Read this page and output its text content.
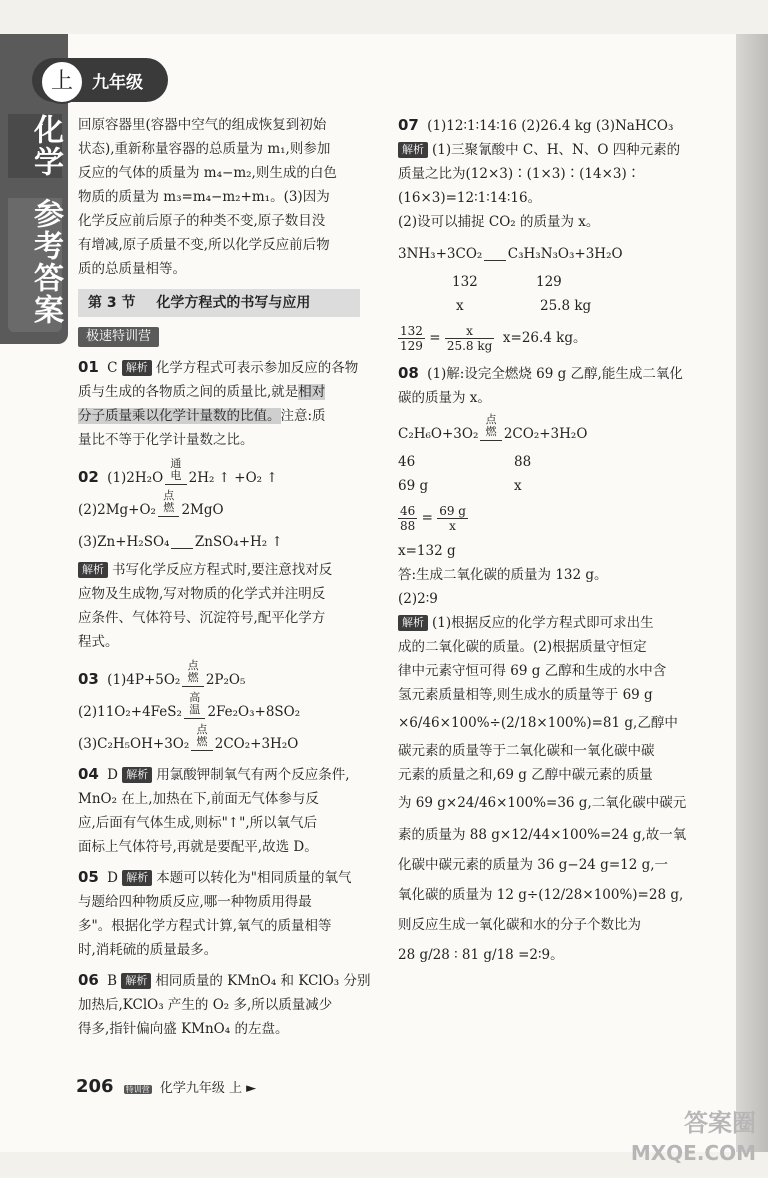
化学
参考答案
上	九年级

回原容器里(容器中空气的组成恢复到初始

状态),重新称量容器的总质量为 m₁,则参加

反应的气体的质量为 m₄−m₂,则生成的白色

物质的质量为 m₃=m₄−m₂+m₁。(3)因为

化学反应前后原子的种类不变,原子数目没

有增减,原子质量不变,所以化学反应前后物

质的总质量相等。

第 3 节 化学方程式的书写与应用
极速特训营

01 C 解析 化学方程式可表示参加反应的各物

质与生成的各物质之间的质量比,就是相对

分子质量乘以化学计量数的比值。注意:质

量比不等于化学计量数之比。

02 (1)2H₂O
通电 2H₂ ↑ +O₂ ↑

(2)2Mg+O₂
点燃 2MgO

(3)Zn+H₂SO₄ ZnSO₄+H₂ ↑

解析 书写化学反应方程式时,要注意找对反

应物及生成物,写对物质的化学式并注明反

应条件、气体符号、沉淀符号,配平化学方

程式。

03 (1)4P+5O₂
点燃 2P₂O₅

(2)11O₂+4FeS₂
高温 2Fe₂O₃+8SO₂

(3)C₂H₅OH+3O₂
点燃 2CO₂+3H₂O

04 D 解析 用氯酸钾制氧气有两个反应条件,

MnO₂ 在上,加热在下,前面无气体参与反

应,后面有气体生成,则标"↑",所以氧气后

面标上气体符号,再就是要配平,故选 D。

05 D 解析 本题可以转化为"相同质量的氧气

与题给四种物质反应,哪一种物质用得最

多"。根据化学方程式计算,氧气的质量相等

时,消耗硫的质量最多。

06 B 解析 相同质量的 KMnO₄ 和 KClO₃ 分别

加热后,KClO₃ 产生的 O₂ 多,所以质量减少

得多,指针偏向盛 KMnO₄ 的左盘。

07 (1)12∶1∶14∶16 (2)26.4 kg (3)NaHCO₃

解析 (1)三聚氰酸中 C、H、N、O 四种元素的

质量之比为(12×3)∶(1×3)∶(14×3)∶

(16×3)=12∶1∶14∶16。

(2)设可以捕捉 CO₂ 的质量为 x。

3NH₃+3CO₂ C₃H₃N₃O₃+3H₂O

132	129
x	25.8 kg

$\frac{132}{129} = \frac{x}{25.8 kg} x=26.4$ kg。

08 (1)解:设完全燃烧 69 g 乙醇,能生成二氧化

碳的质量为 x。

C₂H₆O+3O₂
点燃 2CO₂+3H₂O

46	88
69 g	x

$\frac{46}{88} = \frac{69 g}{x}$

x=132 g

答:生成二氧化碳的质量为 132 g。

(2)2∶9

解析 (1)根据反应的化学方程式即可求出生

成的二氧化碳的质量。(2)根据质量守恒定

律中元素守恒可得 69 g 乙醇和生成的水中含

氢元素质量相等,则生成水的质量等于 69 g

×6/46×100%÷(2/18×100%)=81 g,乙醇中

碳元素的质量等于二氧化碳和一氧化碳中碳

元素的质量之和,69 g 乙醇中碳元素的质量

为 69 g×24/46×100%=36 g,二氧化碳中碳元

素的质量为 88 g×12/44×100%=24 g,故一氧

化碳中碳元素的质量为 36 g−24 g=12 g,一

氧化碳的质量为 12 g÷(12/28×100%)=28 g,

则反应生成一氧化碳和水的分子个数比为

28 g/28 ∶ 81 g/18 =2∶9。

206 特训营 化学九年级 上 ►
答案圈
MXQE.COM
